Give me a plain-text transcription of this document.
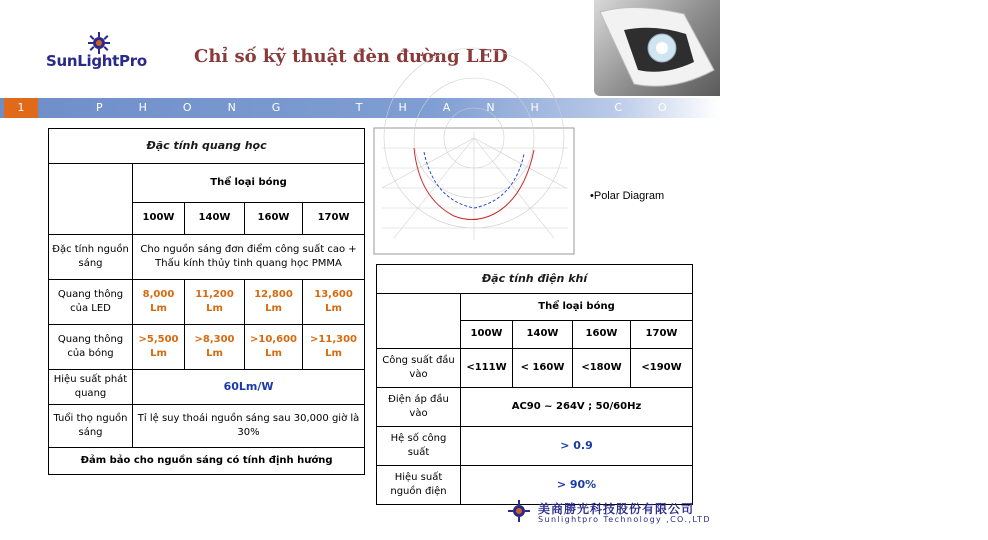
SunLightPro	Chỉ số kỹ thuật đèn đường LED
1	PHONG THANH CO., LTD.
Đặc tính quang học				
	Thể loại bóng			
	100W	140W	160W	170W
Đặc tính nguồn sáng	Cho nguồn sáng đơn điểm công suất cao + Thấu kính thủy tinh quang học PMMA			
Quang thông của LED	8,000 Lm	11,200 Lm	12,800 Lm	13,600 Lm
Quang thông của bóng	>5,500 Lm	>8,300 Lm	>10,600 Lm	>11,300 Lm
Hiệu suất phát quang	60Lm/W			
Tuổi thọ nguồn sáng	Tỉ lệ suy thoái nguồn sáng sau 30,000 giờ là 30%			
Đảm bảo cho nguồn sáng có tính định hướng				
•Polar Diagram
Đặc tính điện khí				
	Thể loại bóng			
	100W	140W	160W	170W
Công suất đầu vào	<111W	< 160W	<180W	<190W
Điện áp đầu vào	AC90 ~ 264V ; 50/60Hz			
Hệ số công suất	> 0.9			
Hiệu suất nguồn điện	> 90%			
美商勝光科技股份有限公司
Sunlightpro Technology ,CO.,LTD
